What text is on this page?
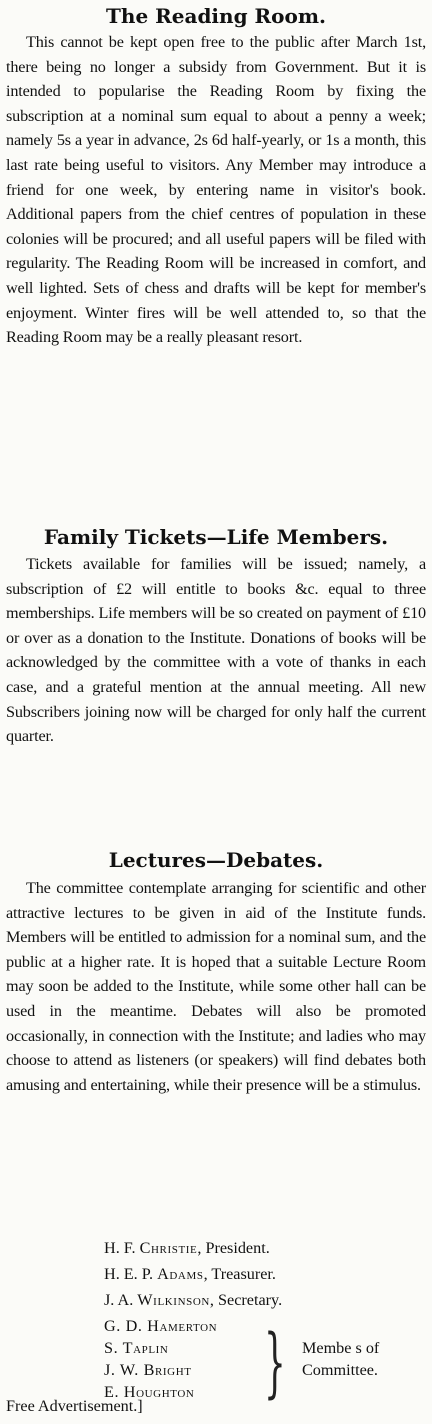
The Reading Room.

This cannot be kept open free to the public after March 1st, there being no longer a subsidy from Government. But it is intended to popularise the Reading Room by fixing the subscription at a nominal sum equal to about a penny a week; namely 5s a year in advance, 2s 6d half-yearly, or 1s a month, this last rate being useful to visitors. Any Member may introduce a friend for one week, by entering name in visitor's book. Additional papers from the chief centres of population in these colonies will be procured; and all useful papers will be filed with regularity. The Reading Room will be increased in comfort, and well lighted. Sets of chess and drafts will be kept for member's enjoyment. Winter fires will be well attended to, so that the Reading Room may be a really pleasant resort.

Family Tickets—Life Members.

Tickets available for families will be issued; namely, a subscription of £2 will entitle to books &c. equal to three memberships. Life members will be so created on payment of £10 or over as a donation to the Institute. Donations of books will be acknowledged by the committee with a vote of thanks in each case, and a grateful mention at the annual meeting. All new Subscribers joining now will be charged for only half the current quarter.

Lectures—Debates.

The committee contemplate arranging for scientific and other attractive lectures to be given in aid of the Institute funds. Members will be entitled to admission for a nominal sum, and the public at a higher rate. It is hoped that a suitable Lecture Room may soon be added to the Institute, while some other hall can be used in the meantime. Debates will also be promoted occasionally, in connection with the Institute; and ladies who may choose to attend as listeners (or speakers) will find debates both amusing and entertaining, while their presence will be a stimulus.

H. F. Christie, President.
H. E. P. Adams, Treasurer.
J. A. Wilkinson, Secretary.
G. D. Hamerton
S. Taplin
J. W. Bright
E. Houghton } Membe s of
Committee.
Free Advertisement.]
